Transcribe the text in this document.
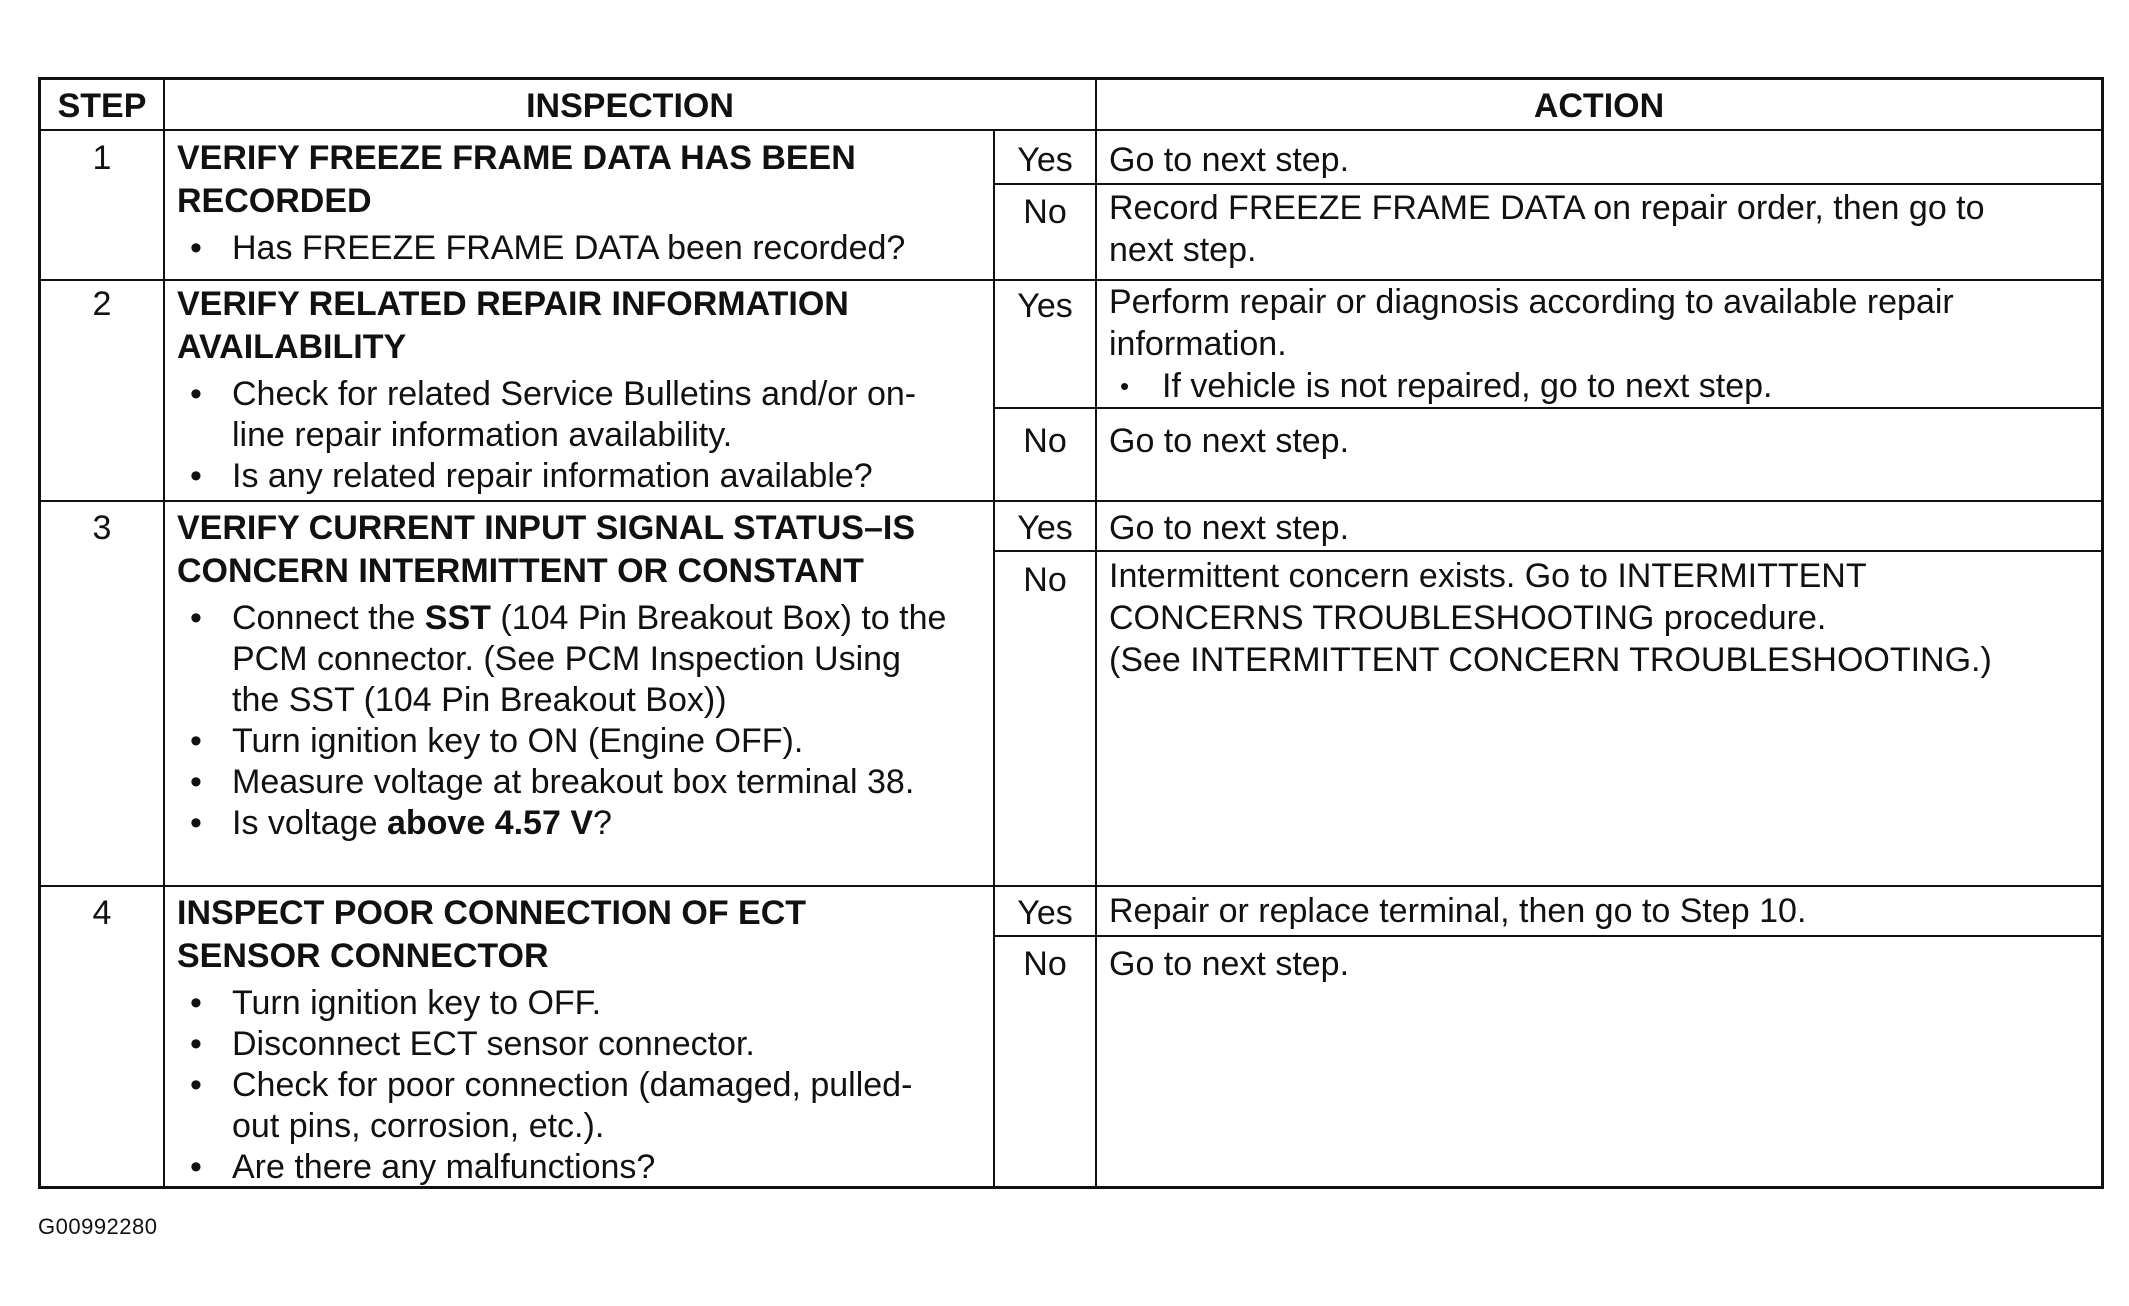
STEP	INSPECTION	ACTION
1	VERIFY FREEZE FRAME DATA HAS BEEN
RECORDED
• Has FREEZE FRAME DATA been recorded?
Yes	Go to next step.
No	Record FREEZE FRAME DATA on repair order, then go to
next step.
2	VERIFY RELATED REPAIR INFORMATION
AVAILABILITY
• Check for related Service Bulletins and/or on-
line repair information availability.
• Is any related repair information available?
Yes	Perform repair or diagnosis according to available repair
information.
• If vehicle is not repaired, go to next step.
No	Go to next step.
3	VERIFY CURRENT INPUT SIGNAL STATUS–IS
CONCERN INTERMITTENT OR CONSTANT
• Connect the SST (104 Pin Breakout Box) to the
PCM connector. (See PCM Inspection Using
the SST (104 Pin Breakout Box))
• Turn ignition key to ON (Engine OFF).
• Measure voltage at breakout box terminal 38.
• Is voltage above 4.57 V?
Yes	Go to next step.
No	Intermittent concern exists. Go to INTERMITTENT
CONCERNS TROUBLESHOOTING procedure.
(See INTERMITTENT CONCERN TROUBLESHOOTING.)
4	INSPECT POOR CONNECTION OF ECT
SENSOR CONNECTOR
• Turn ignition key to OFF.
• Disconnect ECT sensor connector.
• Check for poor connection (damaged, pulled-
out pins, corrosion, etc.).
• Are there any malfunctions?
Yes	Repair or replace terminal, then go to Step 10.
No	Go to next step.
G00992280
